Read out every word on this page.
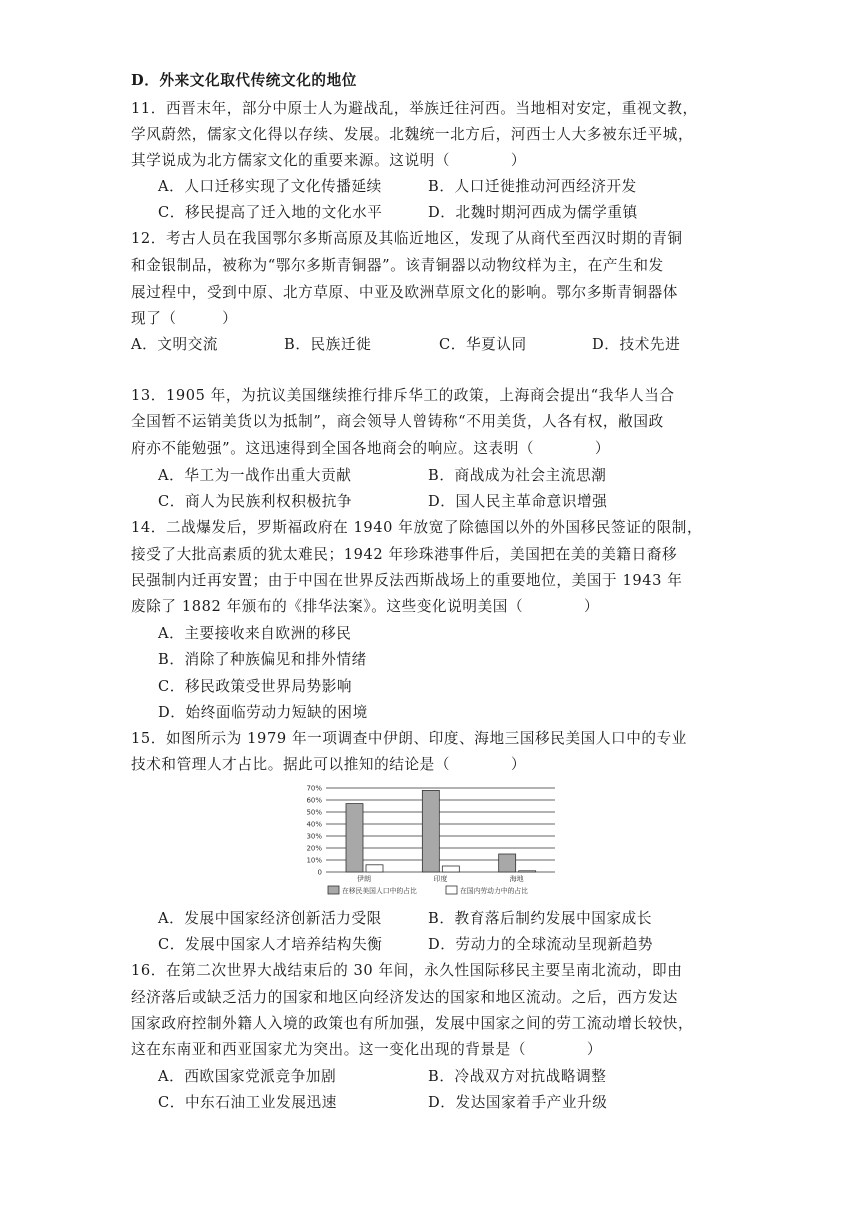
D．外来文化取代传统文化的地位
11．西晋末年，部分中原士人为避战乱，举族迁往河西。当地相对安定，重视文教，
学风蔚然，儒家文化得以存续、发展。北魏统一北方后，河西士人大多被东迁平城，
其学说成为北方儒家文化的重要来源。这说明（　　　　）
A．人口迁移实现了文化传播延续	B．人口迁徙推动河西经济开发
C．移民提高了迁入地的文化水平	D．北魏时期河西成为儒学重镇
12．考古人员在我国鄂尔多斯高原及其临近地区，发现了从商代至西汉时期的青铜
和金银制品，被称为“鄂尔多斯青铜器”。该青铜器以动物纹样为主，在产生和发
展过程中，受到中原、北方草原、中亚及欧洲草原文化的影响。鄂尔多斯青铜器体
现了（　　　）
A．文明交流	B．民族迁徙	C．华夏认同	D．技术先进
13．1905 年，为抗议美国继续推行排斥华工的政策，上海商会提出“我华人当合
全国暂不运销美货以为抵制”，商会领导人曾铸称“不用美货，人各有权，敝国政
府亦不能勉强”。这迅速得到全国各地商会的响应。这表明（　　　　）
A．华工为一战作出重大贡献	B．商战成为社会主流思潮
C．商人为民族利权积极抗争	D．国人民主革命意识增强
14．二战爆发后，罗斯福政府在 1940 年放宽了除德国以外的外国移民签证的限制，
接受了大批高素质的犹太难民；1942 年珍珠港事件后，美国把在美的美籍日裔移
民强制内迁再安置；由于中国在世界反法西斯战场上的重要地位，美国于 1943 年
废除了 1882 年颁布的《排华法案》。这些变化说明美国（　　　　）
A．主要接收来自欧洲的移民
B．消除了种族偏见和排外情绪
C．移民政策受世界局势影响
D．始终面临劳动力短缺的困境
15．如图所示为 1979 年一项调查中伊朗、印度、海地三国移民美国人口中的专业
技术和管理人才占比。据此可以推知的结论是（　　　　）
0
10%
20%
30%
40%
50%
60%
70%
伊朗	印度	海地
在移民美国人口中的占比	在国内劳动力中的占比
A．发展中国家经济创新活力受限	B．教育落后制约发展中国家成长
C．发展中国家人才培养结构失衡	D．劳动力的全球流动呈现新趋势
16．在第二次世界大战结束后的 30 年间，永久性国际移民主要呈南北流动，即由
经济落后或缺乏活力的国家和地区向经济发达的国家和地区流动。之后，西方发达
国家政府控制外籍人入境的政策也有所加强，发展中国家之间的劳工流动增长较快，
这在东南亚和西亚国家尤为突出。这一变化出现的背景是（　　　　）
A．西欧国家党派竞争加剧	B．冷战双方对抗战略调整
C．中东石油工业发展迅速	D．发达国家着手产业升级
